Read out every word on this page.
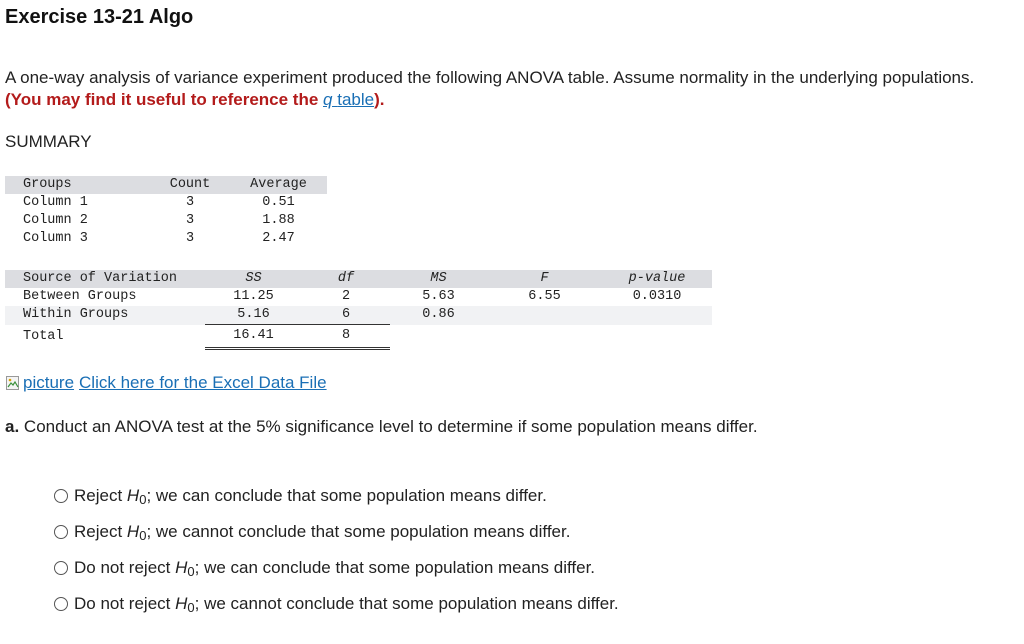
Exercise 13-21 Algo
A one-way analysis of variance experiment produced the following ANOVA table. Assume normality in the underlying populations. (You may find it useful to reference the q table).
SUMMARY
Groups	Count	Average
Column 1	3	0.51
Column 2	3	1.88
Column 3	3	2.47
Source of Variation	SS	df	MS	F	p-value
Between Groups	11.25	2	5.63	6.55	0.0310
Within Groups	5.16	6	0.86		
Total	16.41	8			
picture Click here for the Excel Data File
a. Conduct an ANOVA test at the 5% significance level to determine if some population means differ.
Reject
$H_0$ ; we can conclude that some population means differ.
Reject
$H_0$ ; we cannot conclude that some population means differ.
Do not reject
$H_0$ ; we can conclude that some population means differ.
Do not reject
$H_0$ ; we cannot conclude that some population means differ.
